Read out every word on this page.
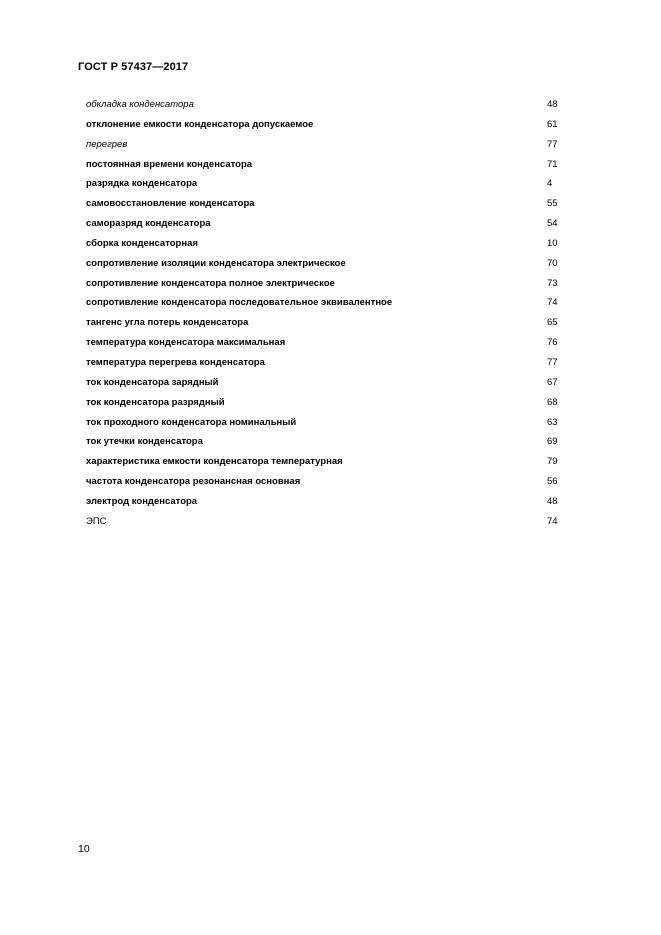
ГОСТ Р 57437—2017
обкладка конденсатора	48
отклонение емкости конденсатора допускаемое	61
перегрев	77
постоянная времени конденсатора	71
разрядка конденсатора	4
самовосстановление конденсатора	55
саморазряд конденсатора	54
сборка конденсаторная	10
сопротивление изоляции конденсатора электрическое	70
сопротивление конденсатора полное электрическое	73
сопротивление конденсатора последовательное эквивалентное	74
тангенс угла потерь конденсатора	65
температура конденсатора максимальная	76
температура перегрева конденсатора	77
ток конденсатора зарядный	67
ток конденсатора разрядный	68
ток проходного конденсатора номинальный	63
ток утечки конденсатора	69
характеристика емкости конденсатора температурная	79
частота конденсатора резонансная основная	56
электрод конденсатора	48
ЭПС	74
10
